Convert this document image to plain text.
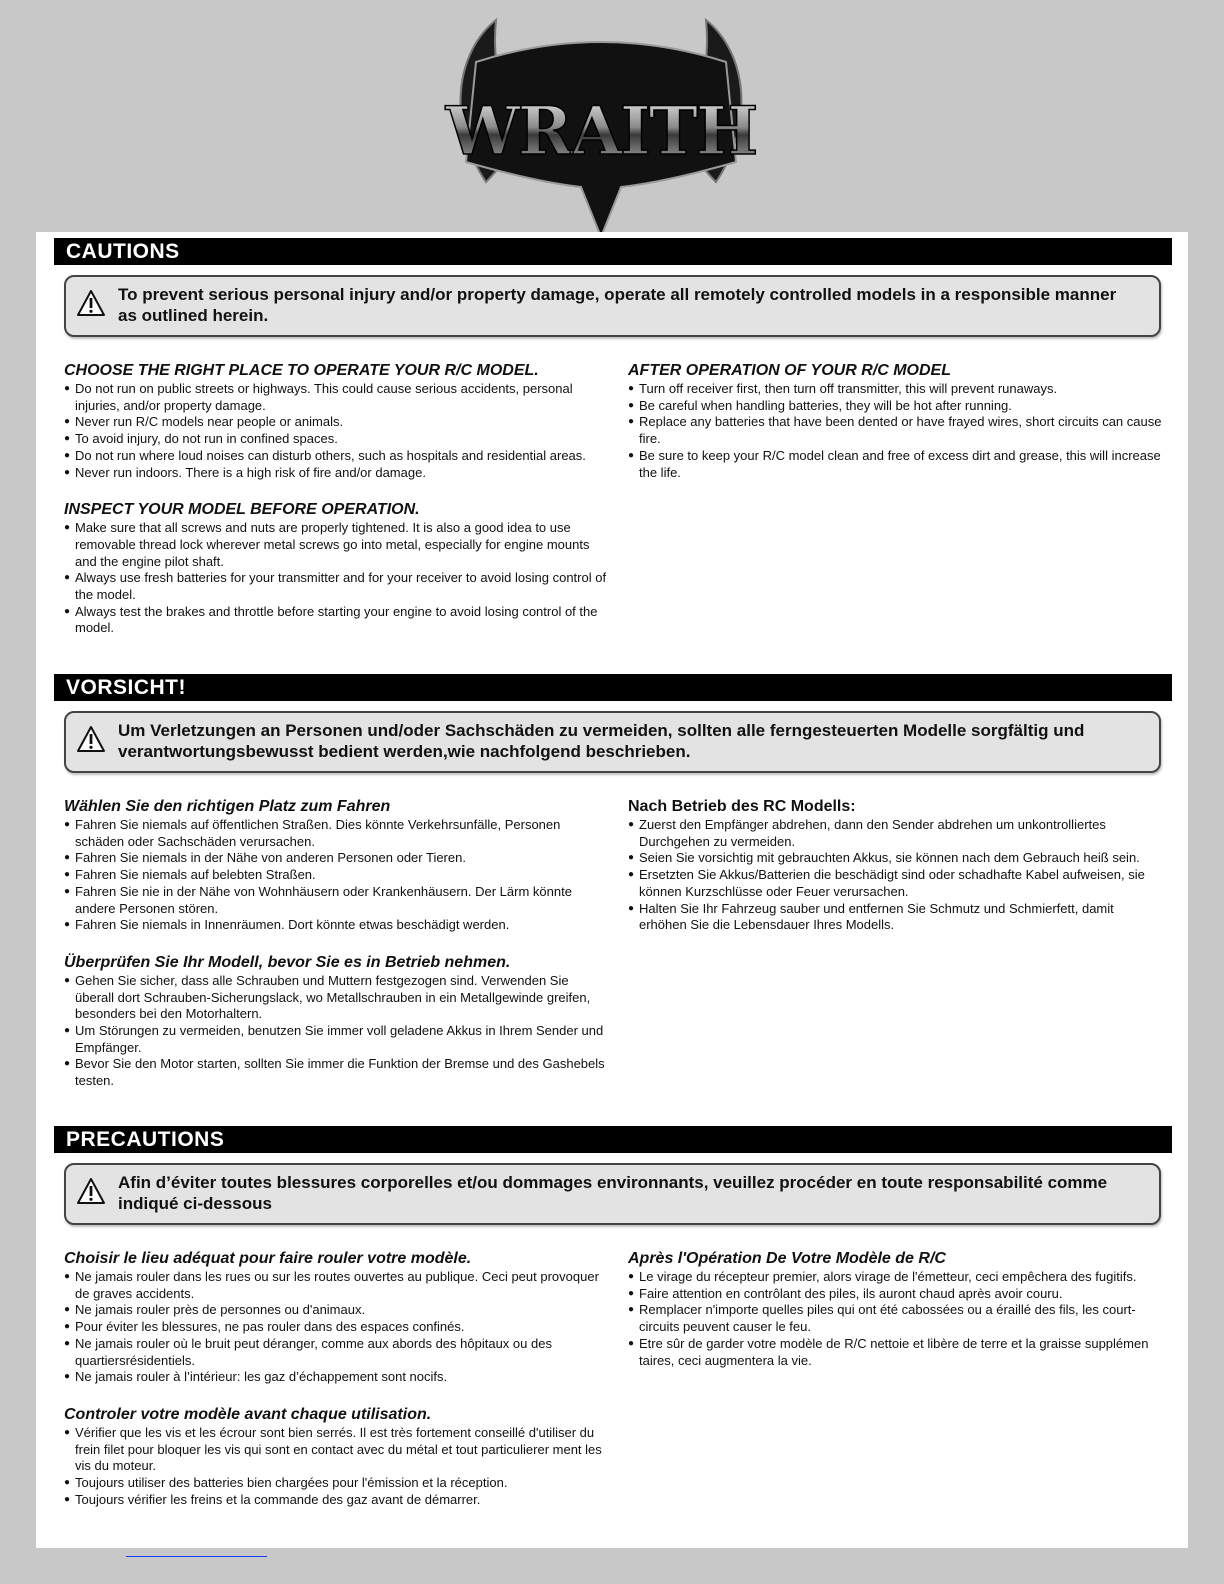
WRAITH
CAUTIONS
To prevent serious personal injury and/or property damage, operate all remotely controlled models in a responsible manner as outlined herein.
CHOOSE THE RIGHT PLACE TO OPERATE YOUR R/C MODEL.
● Do not run on public streets or highways. This could cause serious accidents, personal injuries, and/or property damage.
● Never run R/C models near people or animals.
● To avoid injury, do not run in confined spaces.
● Do not run where loud noises can disturb others, such as hospitals and residential areas.
● Never run indoors. There is a high risk of fire and/or damage.
INSPECT YOUR MODEL BEFORE OPERATION.
● Make sure that all screws and nuts are properly tightened. It is also a good idea to use removable thread lock wherever metal screws go into metal, especially for engine mounts and the engine pilot shaft.
● Always use fresh batteries for your transmitter and for your receiver to avoid losing control of the model.
● Always test the brakes and throttle before starting your engine to avoid losing control of the model.
AFTER OPERATION OF YOUR R/C MODEL
● Turn off receiver first, then turn off transmitter, this will prevent runaways.
● Be careful when handling batteries, they will be hot after running.
● Replace any batteries that have been dented or have frayed wires, short circuits can cause fire.
● Be sure to keep your R/C model clean and free of excess dirt and grease, this will increase the life.
VORSICHT!
Um Verletzungen an Personen und/oder Sachschäden zu vermeiden, sollten alle ferngesteuerten Modelle sorgfältig und verantwortungsbewusst bedient werden,wie nachfolgend beschrieben.
Wählen Sie den richtigen Platz zum Fahren
● Fahren Sie niemals auf öffentlichen Straßen. Dies könnte Verkehrsunfälle, Personen schäden oder Sachschäden verursachen.
● Fahren Sie niemals in der Nähe von anderen Personen oder Tieren.
● Fahren Sie niemals auf belebten Straßen.
● Fahren Sie nie in der Nähe von Wohnhäusern oder Krankenhäusern. Der Lärm könnte andere Personen stören.
● Fahren Sie niemals in Innenräumen. Dort könnte etwas beschädigt werden.
Überprüfen Sie Ihr Modell, bevor Sie es in Betrieb nehmen.
● Gehen Sie sicher, dass alle Schrauben und Muttern festgezogen sind. Verwenden Sie überall dort Schrauben-Sicherungslack, wo Metallschrauben in ein Metallgewinde greifen, besonders bei den Motorhaltern.
● Um Störungen zu vermeiden, benutzen Sie immer voll geladene Akkus in Ihrem Sender und Empfänger.
● Bevor Sie den Motor starten, sollten Sie immer die Funktion der Bremse und des Gashebels testen.
Nach Betrieb des RC Modells:
● Zuerst den Empfänger abdrehen, dann den Sender abdrehen um unkontrolliertes Durchgehen zu vermeiden.
● Seien Sie vorsichtig mit gebrauchten Akkus, sie können nach dem Gebrauch heiß sein.
● Ersetzten Sie Akkus/Batterien die beschädigt sind oder schadhafte Kabel aufweisen, sie können Kurzschlüsse oder Feuer verursachen.
● Halten Sie Ihr Fahrzeug sauber und entfernen Sie Schmutz und Schmierfett, damit erhöhen Sie die Lebensdauer Ihres Modells.
PRECAUTIONS
Afin d’éviter toutes blessures corporelles et/ou dommages environnants, veuillez procéder en toute responsabilité comme indiqué ci-dessous
Choisir le lieu adéquat pour faire rouler votre modèle.
● Ne jamais rouler dans les rues ou sur les routes ouvertes au publique. Ceci peut provoquer de graves accidents.
● Ne jamais rouler près de personnes ou d'animaux.
● Pour éviter les blessures, ne pas rouler dans des espaces confinés.
● Ne jamais rouler où le bruit peut déranger, comme aux abords des hôpitaux ou des quartiersrésidentiels.
● Ne jamais rouler à l’intérieur: les gaz d’échappement sont nocifs.
Controler votre modèle avant chaque utilisation.
● Vérifier que les vis et les écrour sont bien serrés. Il est très fortement conseillé d'utiliser du frein filet pour bloquer les vis qui sont en contact avec du métal et tout particulierer ment les vis du moteur.
● Toujours utiliser des batteries bien chargées pour l'émission et la réception.
● Toujours vérifier les freins et la commande des gaz avant de démarrer.
Après l'Opération De Votre Modèle de R/C
● Le virage du récepteur premier, alors virage de l'émetteur, ceci empêchera des fugitifs.
● Faire attention en contrôlant des piles, ils auront chaud après avoir couru.
● Remplacer n'importe quelles piles qui ont été cabossées ou a éraillé des fils, les court-circuits peuvent causer le feu.
● Etre sûr de garder votre modèle de R/C nettoie et libère de terre et la graisse supplémen taires, ceci augmentera la vie.
